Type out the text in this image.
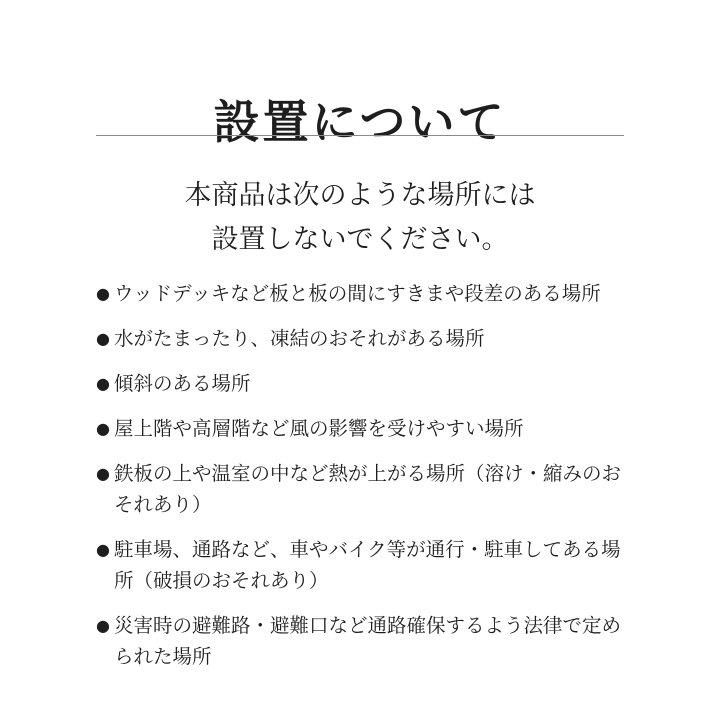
設置について
本商品は次のような場所には
設置しないでください。
● ウッドデッキなど板と板の間にすきまや段差のある場所
● 水がたまったり、凍結のおそれがある場所
● 傾斜のある場所
● 屋上階や高層階など風の影響を受けやすい場所
● 鉄板の上や温室の中など熱が上がる場所（溶け・縮みのおそれあり）
● 駐車場、通路など、車やバイク等が通行・駐車してある場所（破損のおそれあり）
● 災害時の避難路・避難口など通路確保するよう法律で定められた場所
